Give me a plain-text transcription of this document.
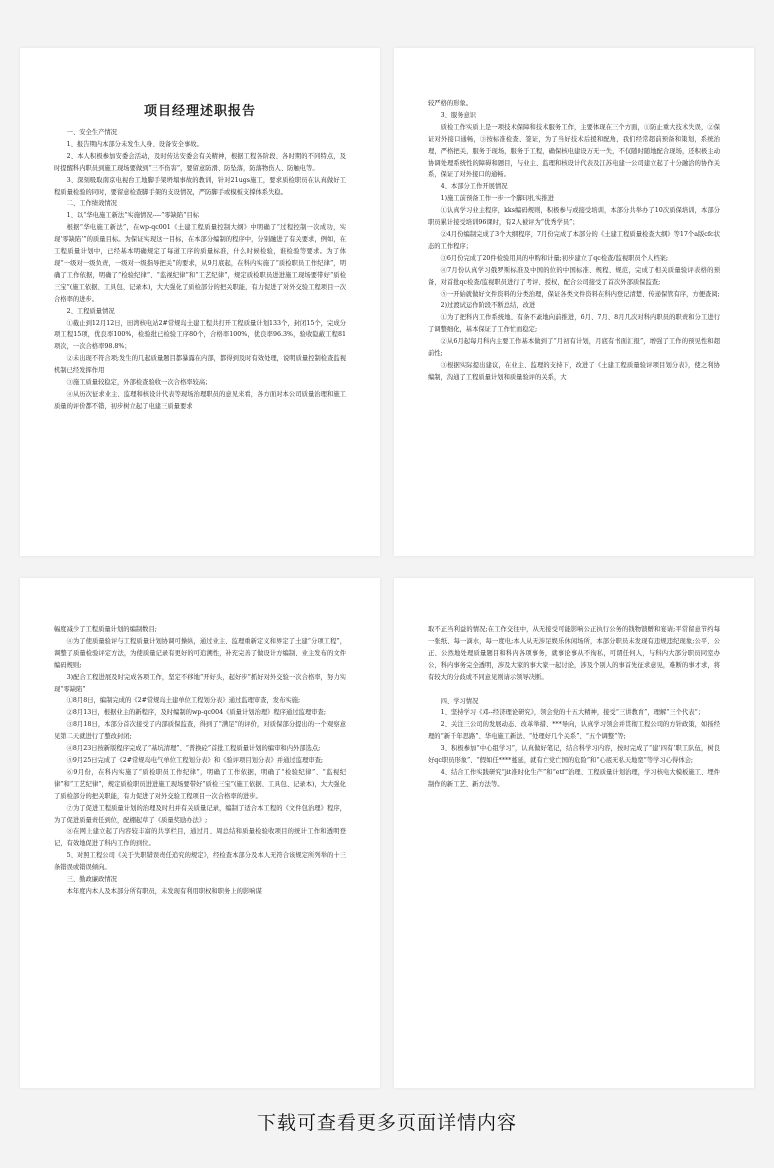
项目经理述职报告

一、安全生产情况

1、报告期内本部分未发生人身、设备安全事故。

2、本人积极参加安委会活动，及时传达安委会有关精神，根据工程各阶段、各时期的不同特点，及时提醒科内职员到施工现场要做到“三不伤害”，要留意防滑、防坠落，防落物伤人、防触电等。

3、深刻吸取南京电视台工地脚手架坍塌事故的教训，针对21ugs施工，要求质检职员在认真做好工程质量检验的同时，要留意检查脚手架的支设情况，严防脚手或模板支撑体系失稳。

二、工作绩效情况

1、以“华电施工新法”实施情况----“零缺陷”目标

根据“华电施工新法”，在wp-qc001《土建工程质量控制大纲》中明确了“过程控制一次成功，实现‘零缺陷’”的质量目标。为保证实现这一目标，在本部分编制的程序中，分别融进了有关要求，例如，在工程质量计划中，已经基本明确规定了每道工序的质量标准，什么时候检验，谁检验等要求。为了体现“一级对一级负责，一级对一级指导把关”的要求，从9月底起，在科内实施了“质检职员工作纪律”，明确了工作依据，明确了“检验纪律”、“监视纪律”和“工艺纪律”，规定质检职员进进施工现场要带好“质检三宝”(施工依据、工具包、记录本)，大大强化了质检部分的把关职能，有力促进了对外交验工程项目一次合格率的进步。

2、工程质量情况

①截止到12月12日，田湾核电站2#常规岛土建工程共打开工程质量计划133个，封闭15个，完成分项工程15项，优良率100%，检验批已检验工序80个，合格率100%，优良率96.3%，验收隐蔽工程81项次，一次合格率98.8%；

②未出现不符合项;发生的几起质量题目都暴露在内部，都得到及时有效处理，说明质量控制检查监视机制已经发挥作用

③施工质量较稳定，外部检查验收一次合格率较高；

④从历次征求业主、监理和核设计代表等现场治理职员的意见来看，各方面对本公司质量治理和施工质量的评价都不错，初步树立起了电建三质量要求

较严格的形象。

3、服务意识

质检工作实质上是一项技术保障和技术服务工作，主要体现在三个方面，①防止重大技术失误，②保证对外接口通畅，③按标准检查、签证，为了当好技术后援和配角，我们经常超前预备和策划，系统治理，严格把关，服务于现场，服务于工程，确保核电建设万无一失，不仅随时随地配合现场，还积极主动协调处理系统性的障碍和题目，与业主、监理和核设计代表及江苏电建一公司建立起了十分融洽的协作关系，保证了对外接口的通畅。

4、本部分工作开展情况

1)施工前预备工作一步一个脚印扎实推进

①认真学习业主程序，kks编码规则，积极参与或接受培训，本部分共举办了10次质保培训，本部分职员累计接受培训96课时，有2人被评为“优秀学员”；

②4月份编制完成了3个大纲程序，7月份完成了本部分的《土建工程质量检查大纲》等17个a版cfc状态的工作程序；

③6月份完成了20件检验用具的申购和计量;初步建立了qc检查/监视职员个人档案;

④7月份认真学习俄罗斯标准及中国的位的中国标准、规程、规范，完成了相关质量验评表格的预备，对首批qc检查/监视职员进行了考评、授权，配合公司接受了首次外部质保监查;

⑤一开始就做好文件资料的分类治理，保证各类文件资料在科内登记清楚、传递保管有序，方便查阅;

2)过渡试运作阶段不断总结，改进

①为了把科内工作系统地、有条不紊地向前推进，6月、7月、8月几次对科内职员的职责和分工进行了调整细化，基本保证了工作忙而稳定;

②从6月起每月科内主要工作基本做到了“月初有计划，月底有书面汇报”，增强了工作的预见性和超前性;

③根据实际提出建议，在业主、监理的支持下，改进了《土建工程质量验评项目划分表》，使之利协编制，沟通了工程质量计划和质量验评的关系，大

幅度减少了工程质量计划的编制数目;

④为了使质量验评与工程质量计划协调可操纵，通过业主、监理重新定义和界定了土建“分项工程”，调整了质量检验评定方法，为使质量记录有更好的可追溯性，补充完善了做设计方编制、业主发布的文件编码规则;

3)配合工程进展及时完成各项工作，坚定不移地“开好头，起好步”抓好对外交验一次合格率，努力实现“零缺陷”

①8月8日，编制完成的《2#常规岛土建单位工程划分表》通过监理审查，发布实施;

②8月13日，根据业主的新程序，及时编制的wp-qc004《质量计划治理》程序通过监理审查;

③8月18日，本部分首次接受了内部质保监查，得到了“满足”的评价，对质保部分提出的一个观察意见第二天就进行了整改封闭;

④8月23日按新版程序完成了“基坑清理”、“普换砼”首批工程质量计划的编审和内外部选点;

⑤9月25日完成了《2#常规岛电气单位工程划分表》和《验评项目划分表》并通过监理审查;

⑥9月份，在科内实施了“质检职员工作纪律”，明确了工作依据，明确了“检验纪律”、“监视纪律”和“工艺纪律”，规定质检职员进进施工现场要带好“质检三宝”(施工依据、工具包、记录本)，大大强化了质检部分的把关职能，有力促进了对外交验工程项目一次合格率的进步。

⑦为了促进工程质量计划的治理及时归并有关质量记录，编制了适合本工程的《文件包治理》程序，为了促进质量责任到位，配棚起草了《质量奖励办法》;

⑧在网上建立起了内容较丰富的共享栏目，通过月、周总结和质量检验收项目的统计工作和透明登记，有效地促进了科内工作的到位。

5、对照工程公司《关于失职错误责任追究的规定》，经检查本部分及本人无符合该规定所列举的十三条错误或错误倾向。

三、勤政廉政情况

本年度内本人及本部分所有职员，未发现有利用职权和职务上的影响谋

取不正当利益的情况;在工作交往中，从无接受可能影响公正执行公务的钱物馈赠和宴请;平常留意节约每一张纸、每一滴水，每一度电;本人从无涉足娱乐休闲场所，本部分职员未发现有违规违纪现象;公平、公正、公然地处理质量题目和科内各项事务，就事论事从不徇私，可谓任何人，与科内大部分职员同室办公，科内事务完全透明，涉及大家的事大家一起讨论，涉及个别人的事首先征求意见，难断的事才求，将有较大的分歧或不同意见则请示领导决断。

四、学习情况

1、坚持学习《邓--经济理论研究》，领会党的十五大精神，接受“三讲教育”，理解“三个代表”；

2、关注三公司的发展动态、改革举措、***导向，认真学习领会并贯彻工程公司的方针政策，如扬经理的“新千年思路”、华电施工新法、“处理好几个关系”、“五个调整”等;

3、积极参加“中心组学习”，认真做好笔记，结合科学习内容，按时完成了“建‘四有’职工队伍，树良好qc职员形象”、“假如任****蔓延，就有亡党亡国的危险”和“心底无私天地宽”等学习心得体会;

4、结合工作实践研究“jit准时化生产”和“etf”治理、工程质量计划治理，学习核电大模板施工、埋件制作的新工艺、新方法等。

下载可查看更多页面详情内容
